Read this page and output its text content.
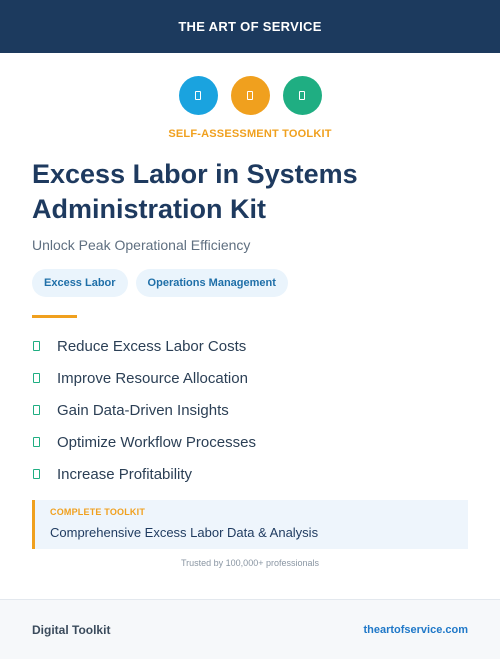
THE ART OF SERVICE
SELF-ASSESSMENT TOOLKIT
Excess Labor in Systems Administration Kit
Unlock Peak Operational Efficiency
Excess Labor	Operations Management
Reduce Excess Labor Costs
Improve Resource Allocation
Gain Data-Driven Insights
Optimize Workflow Processes
Increase Profitability
COMPLETE TOOLKIT
Comprehensive Excess Labor Data & Analysis
Trusted by 100,000+ professionals
Digital Toolkit	theartofservice.com
